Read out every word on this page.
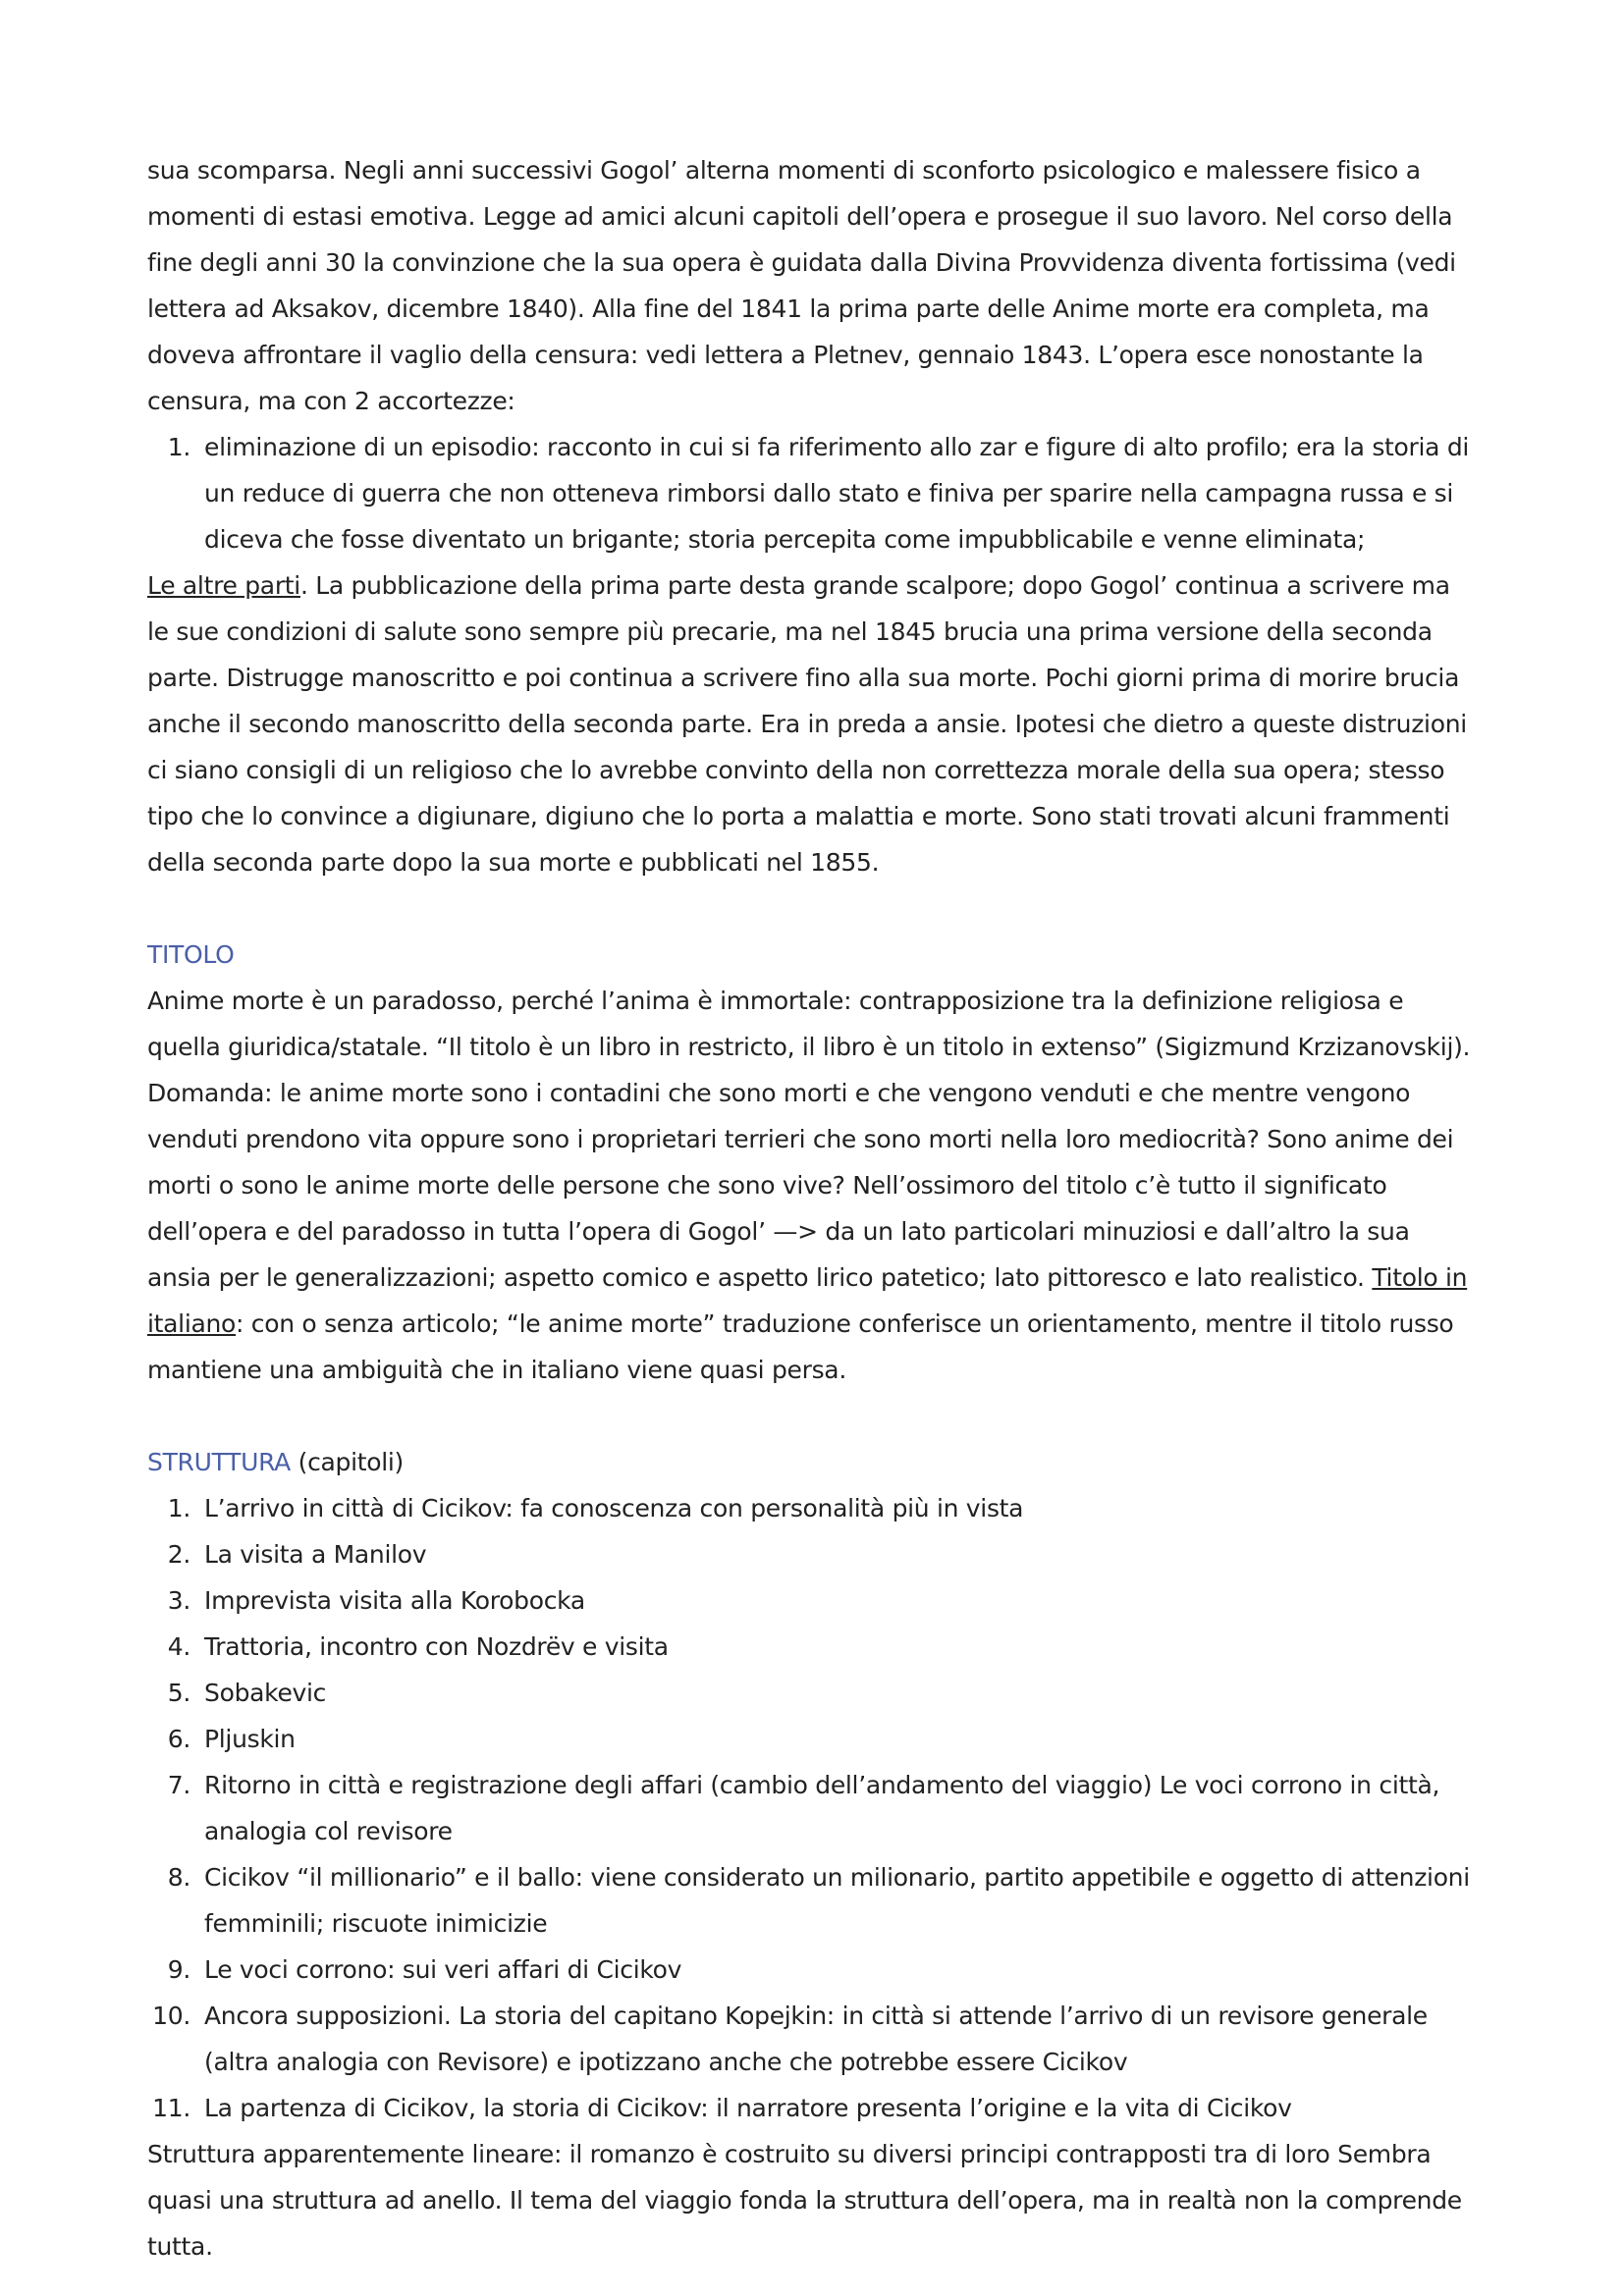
sua scomparsa. Negli anni successivi Gogol’ alterna momenti di sconforto psicologico e malessere fisico a momenti di estasi emotiva. Legge ad amici alcuni capitoli dell’opera e prosegue il suo lavoro. Nel corso della fine degli anni 30 la convinzione che la sua opera è guidata dalla Divina Provvidenza diventa fortissima (vedi lettera ad Aksakov, dicembre 1840). Alla fine del 1841 la prima parte delle Anime morte era completa, ma doveva affrontare il vaglio della censura: vedi lettera a Pletnev, gennaio 1843. L’opera esce nonostante la censura, ma con 2 accortezze:

1. eliminazione di un episodio: racconto in cui si fa riferimento allo zar e figure di alto profilo; era la storia di un reduce di guerra che non otteneva rimborsi dallo stato e finiva per sparire nella campagna russa e si diceva che fosse diventato un brigante; storia percepita come impubblicabile e venne eliminata;

Le altre parti. La pubblicazione della prima parte desta grande scalpore; dopo Gogol’ continua a scrivere ma le sue condizioni di salute sono sempre più precarie, ma nel 1845 brucia una prima versione della seconda parte. Distrugge manoscritto e poi continua a scrivere fino alla sua morte. Pochi giorni prima di morire brucia anche il secondo manoscritto della seconda parte. Era in preda a ansie. Ipotesi che dietro a queste distruzioni ci siano consigli di un religioso che lo avrebbe convinto della non correttezza morale della sua opera; stesso tipo che lo convince a digiunare, digiuno che lo porta a malattia e morte. Sono stati trovati alcuni frammenti della seconda parte dopo la sua morte e pubblicati nel 1855.

TITOLO

Anime morte è un paradosso, perché l’anima è immortale: contrapposizione tra la definizione religiosa e quella giuridica/statale. “Il titolo è un libro in restricto, il libro è un titolo in extenso” (Sigizmund Krzizanovskij). Domanda: le anime morte sono i contadini che sono morti e che vengono venduti e che mentre vengono venduti prendono vita oppure sono i proprietari terrieri che sono morti nella loro mediocrità? Sono anime dei morti o sono le anime morte delle persone che sono vive? Nell’ossimoro del titolo c’è tutto il significato dell’opera e del paradosso in tutta l’opera di Gogol’ —> da un lato particolari minuziosi e dall’altro la sua ansia per le generalizzazioni; aspetto comico e aspetto lirico patetico; lato pittoresco e lato realistico. Titolo in italiano: con o senza articolo; “le anime morte” traduzione conferisce un orientamento, mentre il titolo russo mantiene una ambiguità che in italiano viene quasi persa.

STRUTTURA (capitoli)

1. L’arrivo in città di Cicikov: fa conoscenza con personalità più in vista
2. La visita a Manilov
3. Imprevista visita alla Korobocka
4. Trattoria, incontro con Nozdrëv e visita
5. Sobakevic
6. Pljuskin
7. Ritorno in città e registrazione degli affari (cambio dell’andamento del viaggio) Le voci corrono in città, analogia col revisore
8. Cicikov “il millionario” e il ballo: viene considerato un milionario, partito appetibile e oggetto di attenzioni femminili; riscuote inimicizie
9. Le voci corrono: sui veri affari di Cicikov
10. Ancora supposizioni. La storia del capitano Kopejkin: in città si attende l’arrivo di un revisore generale (altra analogia con Revisore) e ipotizzano anche che potrebbe essere Cicikov
11. La partenza di Cicikov, la storia di Cicikov: il narratore presenta l’origine e la vita di Cicikov

Struttura apparentemente lineare: il romanzo è costruito su diversi principi contrapposti tra di loro Sembra quasi una struttura ad anello. Il tema del viaggio fonda la struttura dell’opera, ma in realtà non la comprende tutta.
